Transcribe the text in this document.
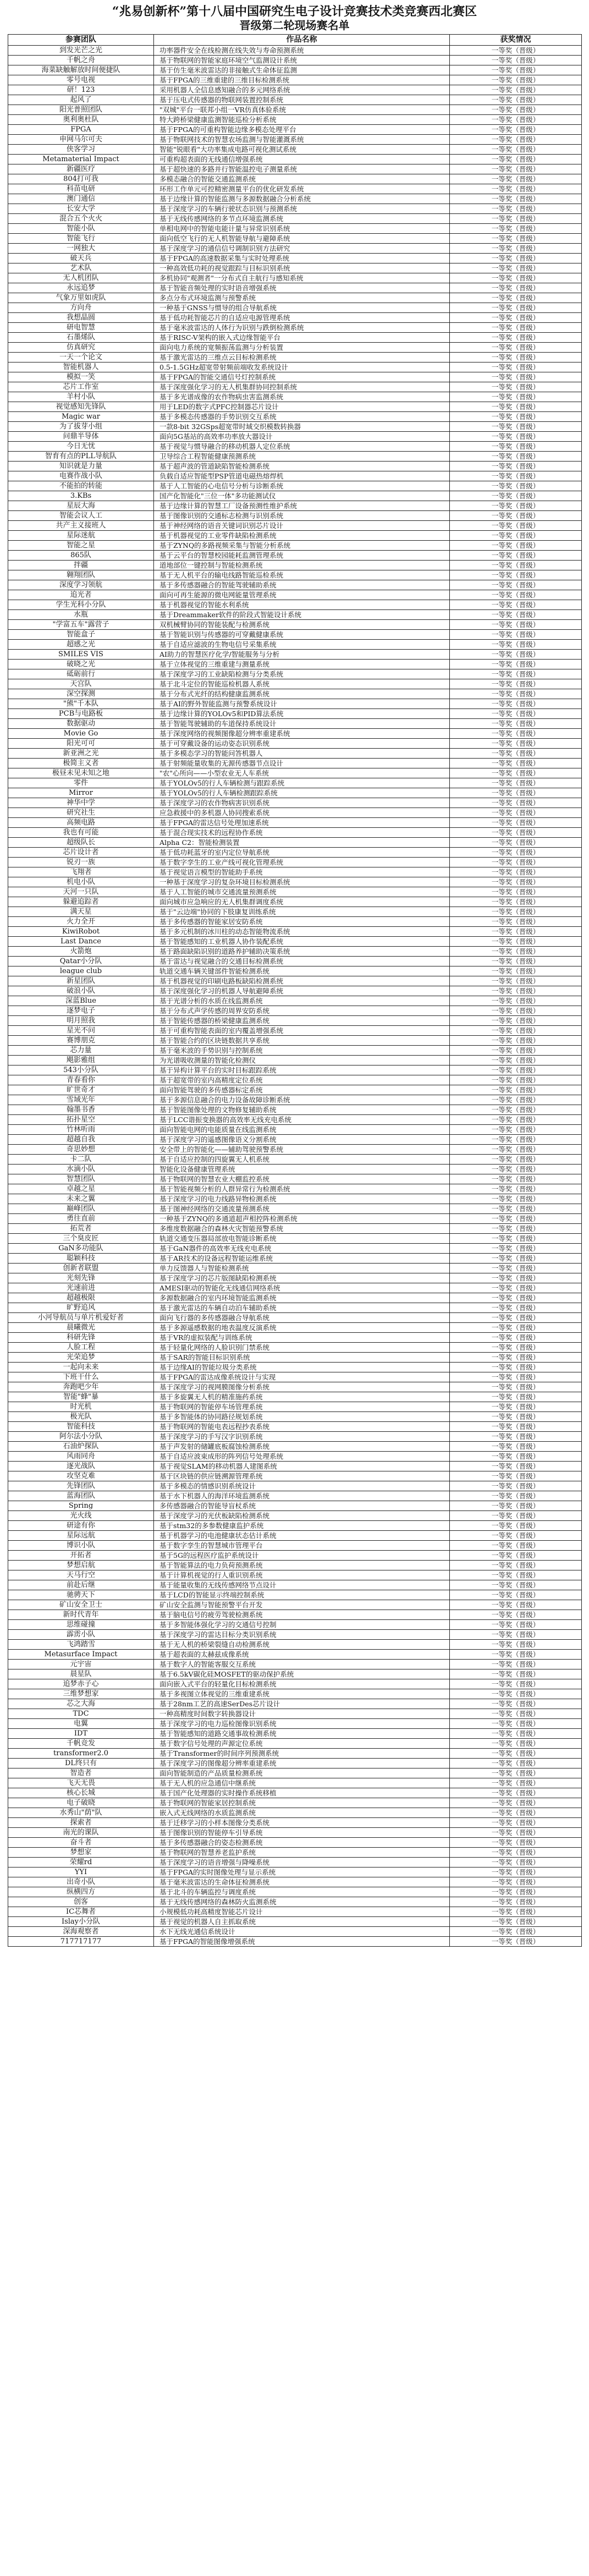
“兆易创新杯”第十八届中国研究生电子设计竞赛技术类竞赛西北赛区
晋级第二轮现场赛名单
参赛团队	作品名称	获奖情况
到发光芒之光	功率器件安全在线检测在线失效与寿命预测系统	一等奖（晋级）
千帆之舟	基于物联网的智能家庭环境空气监测设计系统	一等奖（晋级）
海菜缺触解放时间便捷队	基于仿生毫米波雷达的非接触式生命体征监测	一等奖（晋级）
零号电视	基于FPGA的三维重建的三维目标检测系统	一等奖（晋级）
研！123	采用机器人全信息感知融合的多元网络系统	一等奖（晋级）
起风了	基于压电式传感器的物联网装置控制系统	一等奖（晋级）
阳光普照团队	"双城"平台一联邦小组一VR仿真体验系统	一等奖（晋级）
奥利奥杜队	特大跨桥梁健康监测智能巡检分析系统	一等奖（晋级）
FPGA	基于FPGA的可重构智能边缘多模态处理平台	一等奖（晋级）
申网马尔可夫	基于物联网技术的智慧农场监测与智能灌溉系统	一等奖（晋级）
侠客学习	智能"锐眼看"大功率集成电路可视化测试系统	一等奖（晋级）
Metamaterial Impact	可重构超表面的无线通信增强系统	一等奖（晋级）
新疆医疗	基于超快速的多路并行智能温控电子测量系统	一等奖（晋级）
804打可我	多模态融合的智能交通监测系统	一等奖（晋级）
科苗电研	环形工作单元可控精密测量平台的优化研发系统	一等奖（晋级）
澳门通信	基于边缘计算的智能监测与多源数据融合分析系统	一等奖（晋级）
长安大学	基于深度学习的车辆行驶状态识别与预测系统	一等奖（晋级）
混合五个火火	基于无线传感网络的多节点环境监测系统	一等奖（晋级）
智能小队	单相电网中的智能电能计量与异常识别系统	一等奖（晋级）
智能飞行	面向低空飞行的无人机智能导航与避障系统	一等奖（晋级）
一网独大	基于深度学习的通信信号调制识别方法研究	一等奖（晋级）
破天兵	基于FPGA的高速数据采集与实时处理系统	一等奖（晋级）
艺术队	一种高效低功耗的视觉跟踪与目标识别系统	一等奖（晋级）
无人机团队	多机协同"观测者"一分布式自主航行与感知系统	一等奖（晋级）
永远追梦	基于智能音频处理的实时语音增强系统	一等奖（晋级）
气象万里如虎队	多点分布式环境监测与预警系统	一等奖（晋级）
方向舟	一种基于GNSS与惯导的组合导航系统	一等奖（晋级）
我想晶圆	基于低功耗智能芯片的自适应电源管理系统	一等奖（晋级）
研电智慧	基于毫米波雷达的人体行为识别与跌倒检测系统	一等奖（晋级）
石墨烯队	基于RISC-V架构的嵌入式边缘智能平台	一等奖（晋级）
仿真研究	面向电力系统的宽频振荡监测与分析装置	一等奖（晋级）
一天一个论文	基于激光雷达的三维点云目标检测系统	一等奖（晋级）
智能机器人	0.5-1.5GHz超宽带射频前端收发系统设计	一等奖（晋级）
模拟一笑	基于FPGA的智能交通信号灯控制系统	一等奖（晋级）
芯片工作室	基于深度强化学习的无人机集群协同控制系统	一等奖（晋级）
羊村小队	基于多光谱成像的农作物病虫害监测系统	一等奖（晋级）
视觉感知先锋队	用于LED的数字式PFC控制器芯片设计	一等奖（晋级）
Magic war	基于多模态传感器的手势识别交互系统	一等奖（晋级）
为了拔芽小组	一款8-bit 32GSps超宽带时域交织模数转换器	一等奖（晋级）
问鼎半导体	面向5G基站的高效率功率放大器设计	一等奖（晋级）
今日无忧	基于视觉与惯导融合的移动机器人定位系统	一等奖（晋级）
智育有点的PLL导航队	卫导综合工程智能健康预测系统	一等奖（晋级）
知识就是力量	基于超声波的管道缺陷智能检测系统	一等奖（晋级）
电赛作战小队	负载自适应智能型PSP管道电磁热熔焊机	一等奖（晋级）
不能拍的转能	基于人工智能的心电信号分析与诊断系统	一等奖（晋级）
3.KBs	国产化智能化"三位一体"多功能测试仪	一等奖（晋级）
星辰大海	基于边缘计算的智慧工厂设备预测性维护系统	一等奖（晋级）
智能会议人工	基于图像识别的交通标志检测与识别系统	一等奖（晋级）
共产主义接班人	基于神经网络的语音关键词识别芯片设计	一等奖（晋级）
星际迷航	基于机器视觉的工业零件缺陷检测系统	一等奖（晋级）
智能之星	基于ZYNQ的多路视频采集与智能分析系统	一等奖（晋级）
865队	基于云平台的智慧校园能耗监测管理系统	一等奖（晋级）
拌疆	道地部位一键控制与智能检测系统	一等奖（晋级）
翱翔团队	基于无人机平台的输电线路智能巡检系统	一等奖（晋级）
深度学习领航	基于多传感器融合的智能驾驶辅助系统	一等奖（晋级）
追光者	面向可再生能源的微电网能量管理系统	一等奖（晋级）
学生光科小分队	基于机器视觉的智能水利系统	一等奖（晋级）
水瓶	基于Dreammaker软件的阶段式智能设计系统	一等奖（晋级）
"学富五车"露营子	双机械臂协同的智能装配与检测系统	一等奖（晋级）
智能盒子	基于智能识别与传感器的可穿戴健康系统	一等奖（晋级）
超感之光	基于自适应滤波的生物电信号采集系统	一等奖（晋级）
SMILES VIS	AI助力的智慧医疗化学/智能服务与分析	一等奖（晋级）
破晓之光	基于立体视觉的三维重建与测量系统	一等奖（晋级）
砥砺前行	基于深度学习的工业缺陷检测与分类系统	一等奖（晋级）
天宫队	基于北斗定位的智能巡检机器人系统	一等奖（晋级）
深空探测	基于分布式光纤的结构健康监测系统	一等奖（晋级）
"熊"千本队	基于AI的野外智能监测与预警系统设计	一等奖（晋级）
PCB与电路板	基于边缘计算的YOLOv5和PID算法系统	一等奖（晋级）
数据驱动	基于智能驾驶辅助的车道保持系统设计	一等奖（晋级）
Movie Go	基于深度网络的视频图像超分辨率重建系统	一等奖（晋级）
阳光可可	基于可穿戴设备的运动姿态识别系统	一等奖（晋级）
新亚洲之光	基于多模态学习的智能问答机器人	一等奖（晋级）
极简主义者	基于射频能量收集的无源传感器节点设计	一等奖（晋级）
极昼未见未知之地	"农"心所向——小型农业无人车系统	一等奖（晋级）
零件	基于YOLOv5的行人车辆检测与跟踪系统	一等奖（晋级）
Mirror	基于YOLOv5的行人车辆检测跟踪系统	一等奖（晋级）
神华中学	基于深度学习的农作物病害识别系统	一等奖（晋级）
研究社生	应急救援中的多机器人协同搜索系统	一等奖（晋级）
高频电路	基于FPGA的雷达信号处理加速系统	一等奖（晋级）
我也有可能	基于混合现实技术的远程协作系统	一等奖（晋级）
超级队长	Alpha C2：智能检测装置	一等奖（晋级）
芯片设计者	基于低功耗蓝牙的室内定位导航系统	一等奖（晋级）
锐刃一族	基于数字孪生的工业产线可视化管理系统	一等奖（晋级）
飞翔者	基于视觉语言模型的智能助手系统	一等奖（晋级）
机电小队	一种基于深度学习的复杂环境目标检测系统	一等奖（晋级）
天河一只队	基于人工智能的城市交通流量预测系统	一等奖（晋级）
躲避追踪者	面向城市应急响应的无人机集群调度系统	一等奖（晋级）
满天星	基于"云边端"协同的下肢康复训练系统	一等奖（晋级）
火力全开	基于多传感器的智能家居安防系统	一等奖（晋级）
KiwiRobot	基于多元机制的冰川柱的动态智能物流系统	一等奖（晋级）
Last Dance	基于智能感知的工业机器人协作装配系统	一等奖（晋级）
火箭炮	基于路面缺陷识别的道路养护辅助决策系统	一等奖（晋级）
Qatar小分队	基于雷达与视觉融合的交通目标检测系统	一等奖（晋级）
league club	轨道交通车辆关键部件智能检测系统	一等奖（晋级）
新星团队	基于机器视觉的印刷电路板缺陷检测系统	一等奖（晋级）
破浪小队	基于深度强化学习的机器人导航避障系统	一等奖（晋级）
深蓝Blue	基于光谱分析的水质在线监测系统	一等奖（晋级）
逐梦电子	基于分布式声学传感的周界安防系统	一等奖（晋级）
明月照我	基于智能传感器的桥梁健康监测系统	一等奖（晋级）
星光不问	基于可重构智能表面的室内覆盖增强系统	一等奖（晋级）
赛博朋克	基于智能合约的区块链数据共享系统	一等奖（晋级）
芯力量	基于毫米波的手势识别与控制系统	一等奖（晋级）
飓影雅组	为光谱吸收测量的智能化检测仪	一等奖（晋级）
543小分队	基于异构计算平台的实时目标跟踪系统	一等奖（晋级）
青春看你	基于超宽带的室内高精度定位系统	一等奖（晋级）
旷世奇才	面向智能驾驶的多传感器标定系统	一等奖（晋级）
雪域光年	基于多源信息融合的电力设备故障诊断系统	一等奖（晋级）
翰墨书香	基于智能图像处理的文物修复辅助系统	一等奖（晋级）
拓扑星空	基于LCC谐振变换器的高效率无线充电系统	一等奖（晋级）
竹林听雨	面向智能电网的电能质量在线监测系统	一等奖（晋级）
超越自我	基于深度学习的遥感图像语义分割系统	一等奖（晋级）
奇思妙想	安全带上的智能化——辅助驾驶预警系统	一等奖（晋级）
卡二队	基于自适应控制的四旋翼无人机系统	一等奖（晋级）
水滴小队	智能化设备健康管理系统	一等奖（晋级）
智慧团队	基于物联网的智慧农业大棚监控系统	一等奖（晋级）
卓越之星	基于智能视频分析的人群异常行为检测系统	一等奖（晋级）
未来之翼	基于深度学习的电力线路异物检测系统	一等奖（晋级）
巅峰团队	基于图神经网络的交通流量预测系统	一等奖（晋级）
勇往直前	一种基于ZYNQ的多通道超声相控阵检测系统	一等奖（晋级）
拓荒者	多维度数据融合的森林火灾智能预警系统	一等奖（晋级）
三个臭皮匠	轨道交通变压器局部放电智能诊断系统	一等奖（晋级）
GaN多功能队	基于GaN器件的高效率无线充电系统	一等奖（晋级）
聪颖科技	基于AR技术的设备远程智能运维系统	一等奖（晋级）
创新者联盟	单力反馈器人与智能检测系统	一等奖（晋级）
光刻先锋	基于深度学习的芯片版图缺陷检测系统	一等奖（晋级）
光速前进	AMESI驱动的智能化无线通信网络系统	一等奖（晋级）
超越极限	多源数据融合的室内环境智能监测系统	一等奖（晋级）
旷野追风	基于激光雷达的车辆自动泊车辅助系统	一等奖（晋级）
小河导航员与单片机爱好者	面向飞行器的多传感器融合导航系统	一等奖（晋级）
晨曦微光	基于多源遥感数据的地表温度反演系统	一等奖（晋级）
科研先锋	基于VR的虚拟装配与训练系统	一等奖（晋级）
人脸工程	基于轻量化网络的人脸识别门禁系统	一等奖（晋级）
光荣追梦	基于SAR的智能目标识别系统	一等奖（晋级）
一起向未来	基于边缘AI的智能垃圾分类系统	一等奖（晋级）
下班干什么	基于FPGA的雷达成像系统设计与实现	一等奖（晋级）
奔跑吧少年	基于深度学习的视网膜图像分析系统	一等奖（晋级）
智能"蜂"暴	基于多旋翼无人机的精准施药系统	一等奖（晋级）
时光机	基于物联网的智能停车场管理系统	一等奖（晋级）
极光队	基于多智能体的协同路径规划系统	一等奖（晋级）
智能科技	基于物联网的智能电表远程抄表系统	一等奖（晋级）
阿尔法小分队	基于深度学习的手写汉字识别系统	一等奖（晋级）
石油炉探队	基于声发射的储罐底板腐蚀检测系统	一等奖（晋级）
风雨同舟	基于自适应波束成形的阵列信号处理系统	一等奖（晋级）
逐光战队	基于视觉SLAM的移动机器人建图系统	一等奖（晋级）
攻坚克难	基于区块链的供应链溯源管理系统	一等奖（晋级）
先锋团队	基于多模态的情感识别系统设计	一等奖（晋级）
蓝海团队	基于水下机器人的海洋环境监测系统	一等奖（晋级）
Spring	多传感器融合的智能导盲杖系统	一等奖（晋级）
光火线	基于深度学习的光伏板缺陷检测系统	一等奖（晋级）
研途有你	基于stm32的多参数健康监护系统	一等奖（晋级）
星际远航	基于机器学习的电池健康状态估计系统	一等奖（晋级）
博识小队	基于数字孪生的智慧城市管理平台	一等奖（晋级）
开拓者	基于5G的远程医疗监护系统设计	一等奖（晋级）
梦想启航	基于智能算法的电力负荷预测系统	一等奖（晋级）
天马行空	基于计算机视觉的行人重识别系统	一等奖（晋级）
前赴后继	基于能量收集的无线传感网络节点设计	一等奖（晋级）
驰骋天下	基于LCD的智能显示终端控制系统	一等奖（晋级）
矿山安全卫士	矿山安全监测与智能预警平台开发	一等奖（晋级）
新时代青年	基于脑电信号的疲劳驾驶检测系统	一等奖（晋级）
思维碰撞	基于多智能体强化学习的交通信号控制	一等奖（晋级）
霹雳小队	基于深度学习的雷达目标分类识别系统	一等奖（晋级）
飞鸿踏雪	基于无人机的桥梁裂缝自动检测系统	一等奖（晋级）
Metasurface Impact	基于超表面的太赫兹成像系统	一等奖（晋级）
元宇宙	基于数字人的智能客服交互系统	一等奖（晋级）
晨星队	基于6.5kV碳化硅MOSFET的驱动保护系统	一等奖（晋级）
追梦赤子心	面向嵌入式平台的轻量化目标检测系统	一等奖（晋级）
三维梦想家	基于多视图立体视觉的三维重建系统	一等奖（晋级）
芯之大海	基于28nm工艺的高速SerDes芯片设计	一等奖（晋级）
TDC	一种高精度时间数字转换器设计	一等奖（晋级）
电翼	基于深度学习的电力巡检图像识别系统	一等奖（晋级）
IDT	基于智能感知的道路交通事故检测系统	一等奖（晋级）
千帆竞发	基于数字信号处理的声源定位系统	一等奖（晋级）
transformer2.0	基于Transformer的时间序列预测系统	一等奖（晋级）
DL终只有	基于深度学习的图像超分辨率重建系统	一等奖（晋级）
智造者	面向智能制造的产品质量检测系统	一等奖（晋级）
飞天无畏	基于无人机的应急通信中继系统	一等奖（晋级）
核心长城	基于国产化处理器的实时操作系统移植	一等奖（晋级）
电子破晓	基于物联网的智能家居控制系统	一等奖（晋级）
水秀山"荫"队	嵌入式无线网络的水质监测系统	一等奖（晋级）
探索者	基于迁移学习的小样本图像分类系统	一等奖（晋级）
南光的课队	基于图像识别的智能停车引导系统	一等奖（晋级）
奋斗者	基于多传感器融合的姿态检测系统	一等奖（晋级）
梦想家	基于物联网的智慧养老监护系统	一等奖（晋级）
荣耀rd	基于深度学习的语音增强与降噪系统	一等奖（晋级）
YYI	基于FPGA的实时图像处理与显示系统	一等奖（晋级）
出奇小队	基于毫米波雷达的生命体征检测系统	一等奖（晋级）
纵横四方	基于北斗的车辆监控与调度系统	一等奖（晋级）
创客	基于无线传感网络的森林防火监测系统	一等奖（晋级）
IC芯舞者	小规模低功耗高精度智能芯片设计	一等奖（晋级）
Islay小分队	基于视觉的机器人自主抓取系统	一等奖（晋级）
深海观察者	水下无线光通信系统设计	一等奖（晋级）
717717177	基于FPGA的智能图像增强系统	一等奖（晋级）
